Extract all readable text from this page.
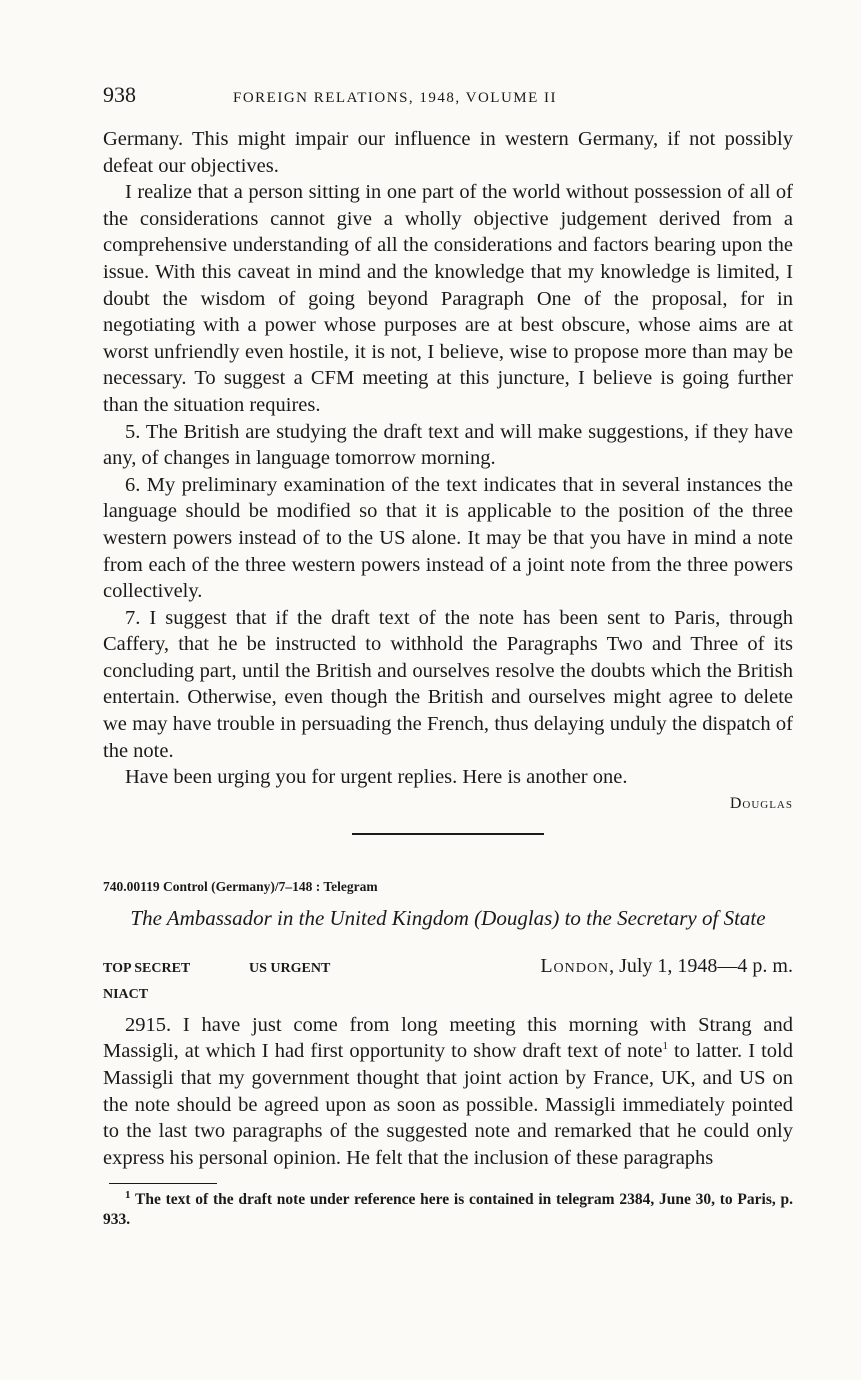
938	FOREIGN RELATIONS, 1948, VOLUME II

Germany. This might impair our influence in western Germany, if not possibly defeat our objectives.

I realize that a person sitting in one part of the world without possession of all of the considerations cannot give a wholly objective judgement derived from a comprehensive understanding of all the considerations and factors bearing upon the issue. With this caveat in mind and the knowledge that my knowledge is limited, I doubt the wisdom of going beyond Paragraph One of the proposal, for in negotiating with a power whose purposes are at best obscure, whose aims are at worst unfriendly even hostile, it is not, I believe, wise to propose more than may be necessary. To suggest a CFM meeting at this juncture, I believe is going further than the situation requires.

5. The British are studying the draft text and will make suggestions, if they have any, of changes in language tomorrow morning.

6. My preliminary examination of the text indicates that in several instances the language should be modified so that it is applicable to the position of the three western powers instead of to the US alone. It may be that you have in mind a note from each of the three western powers instead of a joint note from the three powers collectively.

7. I suggest that if the draft text of the note has been sent to Paris, through Caffery, that he be instructed to withhold the Paragraphs Two and Three of its concluding part, until the British and ourselves resolve the doubts which the British entertain. Otherwise, even though the British and ourselves might agree to delete we may have trouble in persuading the French, thus delaying unduly the dispatch of the note.

Have been urging you for urgent replies. Here is another one.

Douglas
740.00119 Control (Germany)/7–148 : Telegram
The Ambassador in the United Kingdom (Douglas) to the Secretary of State
TOP SECRET	US URGENT	London, July 1, 1948—4 p. m.
NIACT

2915. I have just come from long meeting this morning with Strang and Massigli, at which I had first opportunity to show draft text of note$^1$ to latter. I told Massigli that my government thought that joint action by France, UK, and US on the note should be agreed upon as soon as possible. Massigli immediately pointed to the last two paragraphs of the suggested note and remarked that he could only express his personal opinion. He felt that the inclusion of these paragraphs

$^1$ The text of the draft note under reference here is contained in telegram 2384, June 30, to Paris, p. 933.
